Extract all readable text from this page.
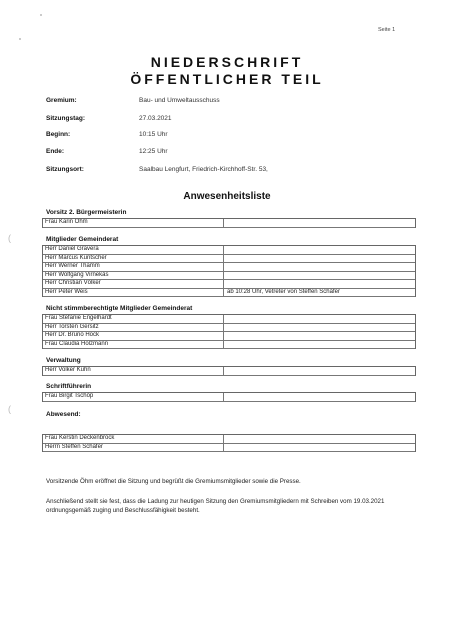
(
(
Seite 1
NIEDERSCHRIFT
ÖFFENTLICHER TEIL
Gremium:	Bau- und Umweltausschuss
Sitzungstag:	27.03.2021
Beginn:	10:15 Uhr
Ende:	12:25 Uhr
Sitzungsort:	Saalbau Lengfurt, Friedrich-Kirchhoff-Str. 53,
Anwesenheitsliste
Vorsitz 2. Bürgermeisterin
Frau Karin Öhm
Mitglieder Gemeinderat
Herr Daniel Gravera
Herr Marcus Kuntscher
Herr Werner Thamm
Herr Wolfgang Virnekäs
Herr Christian Völker
Herr Peter Weis	ab 10:28 Uhr, Vetreter von Steffen Schäfer
Nicht stimmberechtigte Mitglieder Gemeinderat
Frau Stefanie Engelhardt
Herr Torsten Gersitz
Herr Dr. Bruno Hock
Frau Claudia Holzmann
Verwaltung
Herr Volker Kuhn
Schriftführerin
Frau Birgit Tschöp
Abwesend:
Frau Kerstin Deckenbrock
Herrn Steffen Schäfer
Vorsitzende Öhm eröffnet die Sitzung und begrüßt die Gremiumsmitglieder sowie die Presse.
Anschließend stellt sie fest, dass die Ladung zur heutigen Sitzung den Gremiumsmitgliedern mit Schreiben vom 19.03.2021 ordnungsgemäß zuging und Beschlussfähigkeit besteht.
